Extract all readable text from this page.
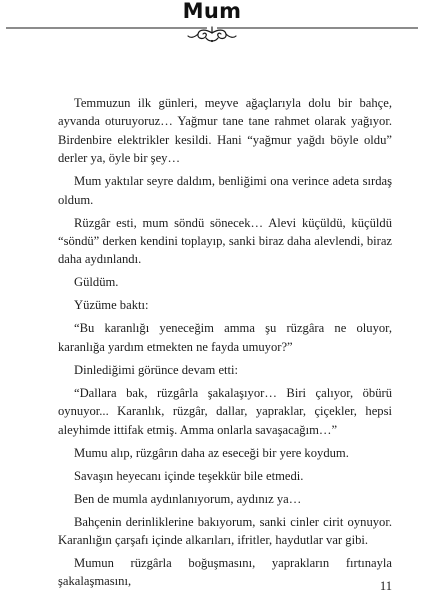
Mum

Temmuzun ilk günleri, meyve ağaçlarıyla dolu bir bahçe, ayvanda oturuyoruz… Yağmur tane tane rahmet olarak yağıyor. Birdenbire elektrikler kesildi. Hani “yağmur yağdı böyle oldu” derler ya, öyle bir şey…

Mum yaktılar seyre daldım, benliğimi ona verince adeta sırdaş oldum.

Rüzgâr esti, mum söndü sönecek… Alevi küçüldü, küçüldü “söndü” derken kendini toplayıp, sanki biraz daha alevlendi, biraz daha aydınlandı.

Güldüm.

Yüzüme baktı:

“Bu karanlığı yeneceğim amma şu rüzgâra ne oluyor, karanlığa yardım etmekten ne fayda umuyor?”

Dinlediğimi görünce devam etti:

“Dallara bak, rüzgârla şakalaşıyor… Biri çalıyor, öbürü oynuyor... Karanlık, rüzgâr, dallar, yapraklar, çiçekler, hepsi aleyhimde ittifak etmiş. Amma onlarla savaşacağım…”

Mumu alıp, rüzgârın daha az eseceği bir yere koydum.

Savaşın heyecanı içinde teşekkür bile etmedi.

Ben de mumla aydınlanıyorum, aydınız ya…

Bahçenin derinliklerine bakıyorum, sanki cinler cirit oynuyor. Karanlığın çarşafı içinde alkarıları, ifritler, haydutlar var gibi.

Mumun rüzgârla boğuşmasını, yaprakların fırtınayla şakalaşmasını,	11
